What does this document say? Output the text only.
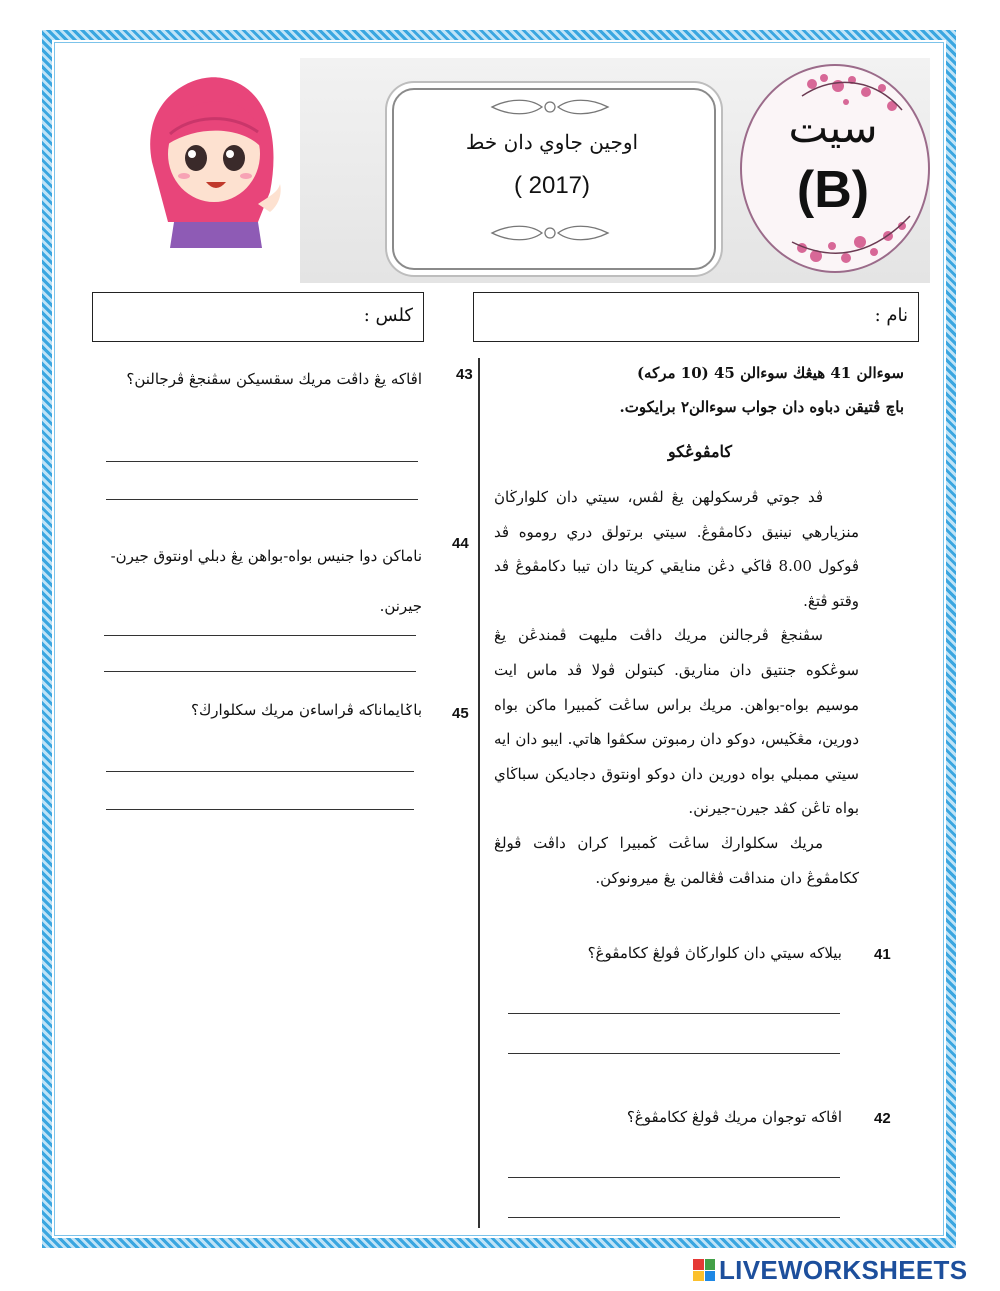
اوجين جاوي دان خط
( 2017)
سيت
(B)
كلس :	نام :
سوءالن 41 هيڠڬ سوءالن 45 (10 مركه)
باچ ڤتيقن دباوه دان جواب سوءالن٢ برايكوت.
كامڤوڠكو

ڤد جوتي ڤرسكولهن يڠ لڤس، سيتي دان كلوارڬاڽ منزيارهي نينيق دكامڤوڠ. سيتي برتولق دري روموه ڤد ڤوكول 8.00 ڤاڬي دڠن منايقي كريتا دان تيبا دكامڤوڠ ڤد وقتو ڤتڠ.

سڤنجڠ ڤرجالنن مريك داڤت مليهت ڤمندڠن يڠ سوڠكوه جنتيق دان مناريق. كبتولن ڤولا ڤد ماس ايت موسيم بواه-بواهن. مريك براس ساڠت ڬمبيرا ماكن بواه دورين، مڠڬيس، دوكو دان رمبوتن سكڤوا هاتي. ايبو دان ايه سيتي ممبلي بواه دورين دان دوكو اونتوق دجاديكن سباڬاي بواه تاڠن كڤد جيرن-جيرنن.

مريك سكلوارڬ ساڠت ڬمبيرا كران داڤت ڤولڠ ككامڤوڠ دان منداڤت ڤڠالمن يڠ ميرونوكن.

41
بيلاكه سيتي دان كلوارڬاڽ ڤولڠ ككامڤوڠ؟
42
اڤاكه توجوان مريك ڤولڠ ككامڤوڠ؟
43
اڤاكه يڠ داڤت مريك سقسيكن سڤنجڠ ڤرجالنن؟
44
ناماكن دوا جنيس بواه-بواهن يڠ دبلي اونتوق جيرن-جيرنن.
45
باݢايماناكه ڤراساءن مريك سكلوارڬ؟
LIVEWORKSHEETS
